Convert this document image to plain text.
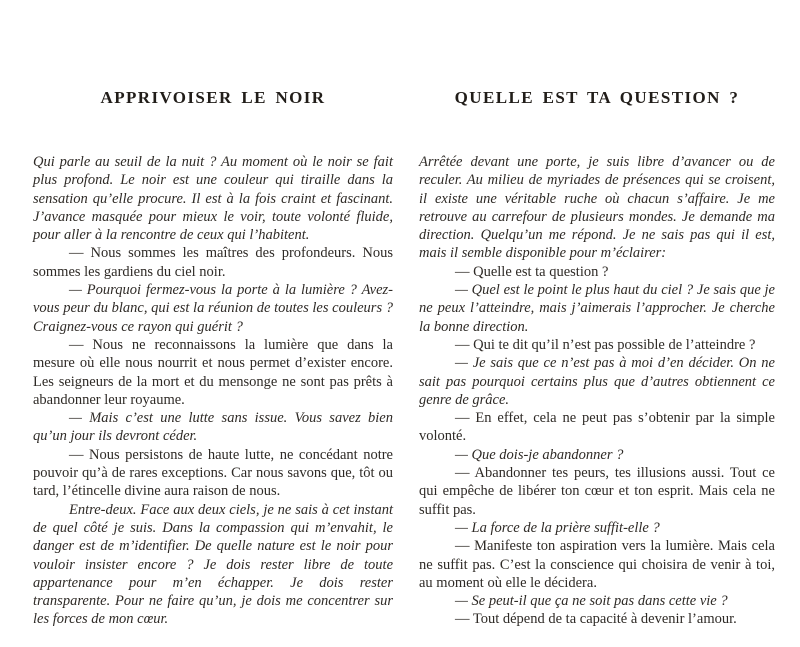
APPRIVOISER LE NOIR

Qui parle au seuil de la nuit ? Au moment où le noir se fait plus profond. Le noir est une couleur qui tiraille dans la sensation qu’elle procure. Il est à la fois craint et fascinant. J’avance masquée pour mieux le voir, toute volonté fluide, pour aller à la rencontre de ceux qui l’habitent.

— Nous sommes les maîtres des profondeurs. Nous sommes les gardiens du ciel noir.

— Pourquoi fermez-vous la porte à la lumière ? Avez-vous peur du blanc, qui est la réunion de toutes les couleurs ? Craignez-vous ce rayon qui guérit ?

— Nous ne reconnaissons la lumière que dans la mesure où elle nous nourrit et nous permet d’exister encore. Les seigneurs de la mort et du mensonge ne sont pas prêts à abandonner leur royaume.

— Mais c’est une lutte sans issue. Vous savez bien qu’un jour ils devront céder.

— Nous persistons de haute lutte, ne concédant notre pouvoir qu’à de rares exceptions. Car nous savons que, tôt ou tard, l’étincelle divine aura raison de nous.

Entre-deux. Face aux deux ciels, je ne sais à cet instant de quel côté je suis. Dans la compassion qui m’envahit, le danger est de m’identifier. De quelle nature est le noir pour vouloir insister encore ? Je dois rester libre de toute appartenance pour m’en échapper. Je dois rester transparente. Pour ne faire qu’un, je dois me concentrer sur les forces de mon cœur.

QUELLE EST TA QUESTION ?

Arrêtée devant une porte, je suis libre d’avancer ou de reculer. Au milieu de myriades de présences qui se croisent, il existe une véritable ruche où chacun s’affaire. Je me retrouve au carrefour de plusieurs mondes. Je demande ma direction. Quelqu’un me répond. Je ne sais pas qui il est, mais il semble disponible pour m’éclairer:

— Quelle est ta question ?

— Quel est le point le plus haut du ciel ? Je sais que je ne peux l’atteindre, mais j’aimerais l’approcher. Je cherche la bonne direction.

— Qui te dit qu’il n’est pas possible de l’atteindre ?

— Je sais que ce n’est pas à moi d’en décider. On ne sait pas pourquoi certains plus que d’autres obtiennent ce genre de grâce.

— En effet, cela ne peut pas s’obtenir par la simple volonté.

— Que dois-je abandonner ?

— Abandonner tes peurs, tes illusions aussi. Tout ce qui empêche de libérer ton cœur et ton esprit. Mais cela ne suffit pas.

— La force de la prière suffit-elle ?

— Manifeste ton aspiration vers la lumière. Mais cela ne suffit pas. C’est la conscience qui choisira de venir à toi, au moment où elle le décidera.

— Se peut-il que ça ne soit pas dans cette vie ?

— Tout dépend de ta capacité à devenir l’amour.
